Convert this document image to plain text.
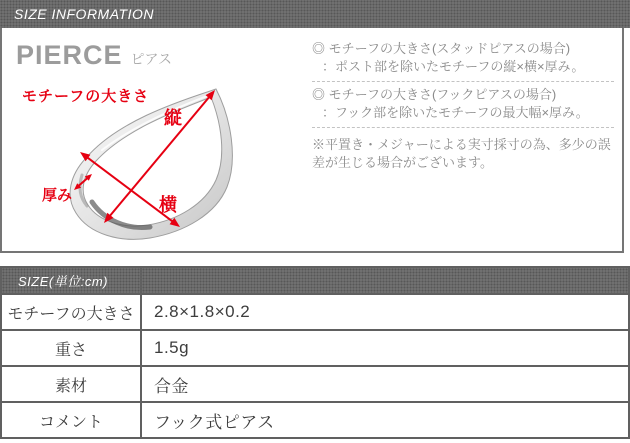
SIZE INFORMATION
PIERCE ピアス
モチーフの大きさ
縦
横
厚み
◎ モチーフの大きさ(スタッドピアスの場合)
：ポスト部を除いたモチーフの縦×横×厚み。
◎ モチーフの大きさ(フックピアスの場合)
：フック部を除いたモチーフの最大幅×厚み。
※平置き・メジャーによる実寸採寸の為、多少の誤差が生じる場合がございます。
SIZE(単位:cm)	
モチーフの大きさ	2.8×1.8×0.2
重さ	1.5g
素材	合金
コメント	フック式ピアス
